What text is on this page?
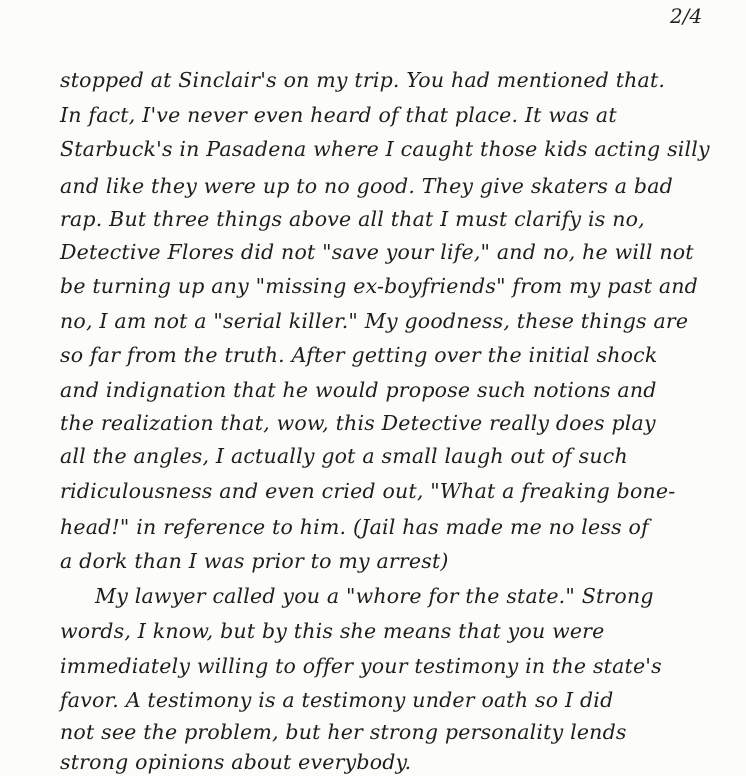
2/4
stopped at Sinclair's on my trip. You had mentioned that.
In fact, I've never even heard of that place. It was at
Starbuck's in Pasadena where I caught those kids acting silly
and like they were up to no good. They give skaters a bad
rap. But three things above all that I must clarify is no,
Detective Flores did not "save your life," and no, he will not
be turning up any "missing ex-boyfriends" from my past and
no, I am not a "serial killer." My goodness, these things are
so far from the truth. After getting over the initial shock
and indignation that he would propose such notions and
the realization that, wow, this Detective really does play
all the angles, I actually got a small laugh out of such
ridiculousness and even cried out, "What a freaking bone-
head!" in reference to him. (Jail has made me no less of
a dork than I was prior to my arrest)
My lawyer called you a "whore for the state." Strong
words, I know, but by this she means that you were
immediately willing to offer your testimony in the state's
favor. A testimony is a testimony under oath so I did
not see the problem, but her strong personality lends
strong opinions about everybody.
